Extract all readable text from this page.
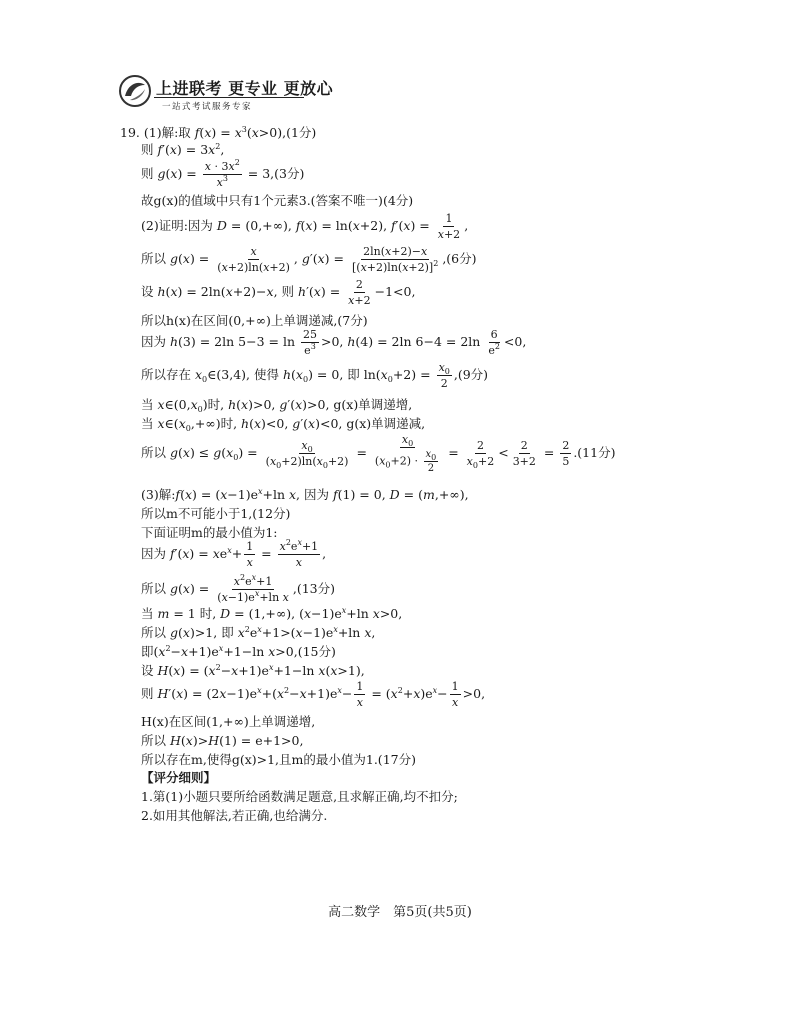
上进联考 更专业 更放心
一站式考试服务专家
19. (1)解:取 $f(x) = x^3(x>0),(1$分)
则 $f'(x) = 3x^2$,
则 $g(x) = \frac{x \cdot 3x^2}{x^3} = 3,(3$分)
故g(x)的值域中只有1个元素3.(答案不唯一)(4分)
(2)证明:因为 D = (0,+∞), f(x) = ln(x+2), $f'(x) = \frac{1}{x+2}$ ,
所以 $g(x) = \frac{x}{(x+2)\ln(x+2)}$ , $g'(x) = \frac{2\ln(x+2)-x}{[(x+2)\ln(x+2)]^2} ,(6$分)
设 h(x) = 2ln(x+2)−x, 则 $h'(x) = \frac{2}{x+2} -1<0$,
所以h(x)在区间(0,+∞)上单调递减,(7分)
因为 h(3) = 2ln $5-3 = \ln \frac{25}{e^3} >0$, h(4) = 2ln $6-4 = 2\ln \frac{6}{e^2} <0$,
所以存在 $x_0\in(3,4)$, 使得 $h(x_0) = 0$, 即 $\ln(x_0+2) = \frac{x_0}{2} ,(9$分)
当 $x\in(0,x_0)$时, h(x)>0, g′(x)>0, g(x)单调递增,
当 $x\in(x_0,+\infty)$时, h(x)<0, g′(x)<0, g(x)单调递减,
所以 $g(x) \le g(x_0) = \frac{x_0}{(x_0+2)\ln(x_0+2)} = \frac{x_0}{(x_0+2) \cdot \frac{x_0}{2}} = \frac{2}{x_0+2} < \frac{2}{3+2} = \frac{2}{5} .(11$分)
(3)解:f(x) = $(x-1)e^x+\ln$ x, 因为 f(1) = 0, D = (m,+∞),
所以m不可能小于1,(12分)
下面证明m的最小值为1:
因为 $f'(x) = xe^x+ \frac{1}{x} = \frac{x^2e^x+1}{x}$ ,
所以 $g(x) = \frac{x^2e^x+1}{(x-1)e^x+\ln x} ,(13$分)
当 m = 1 时, D = (1,+∞), $(x-1)e^x+\ln$ x>0,
所以 g(x)>1, 即 $x^2e^x+1>(x-1)e^x+\ln$ x,
即$(x^2-x+1)e^x+1-\ln$ x>0,(15分)
设 $H(x) = (x^2-x+1)e^x+1-\ln$ x(x>1),
则 $H'(x) = (2x-1)e^x+(x^2-x+1)e^x- \frac{1}{x} = (x^2+x)e^x- \frac{1}{x} >0$,
H(x)在区间(1,+∞)上单调递增,
所以 H(x)>H(1) = e+1>0,
所以存在m,使得g(x)>1,且m的最小值为1.(17分)
【评分细则】
1.第(1)小题只要所给函数满足题意,且求解正确,均不扣分;
2.如用其他解法,若正确,也给满分.
高二数学　第5页(共5页)
